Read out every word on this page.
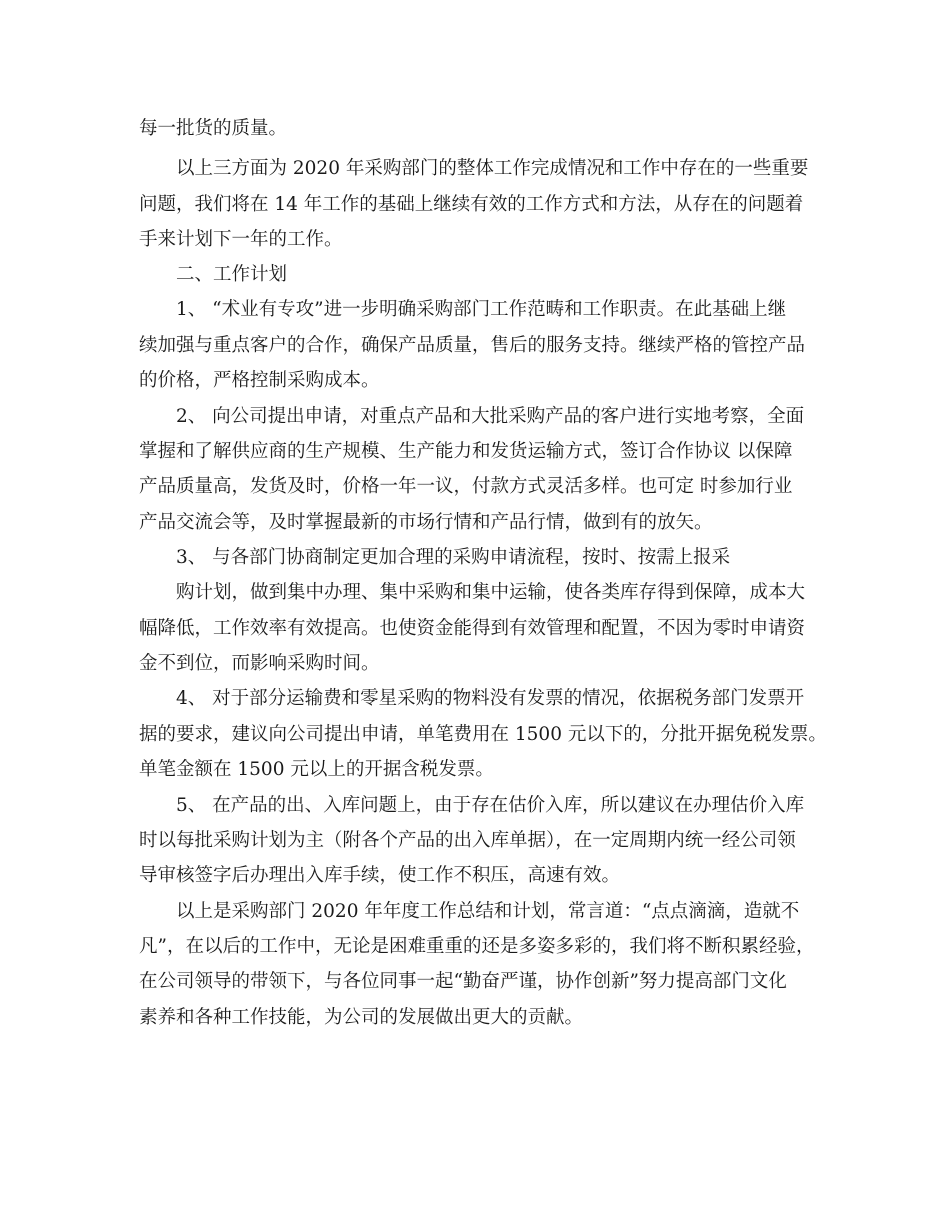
每一批货的质量。
以上三方面为 2020 年采购部门的整体工作完成情况和工作中存在的一些重要
问题，我们将在 14 年工作的基础上继续有效的工作方式和方法，从存在的问题着
手来计划下一年的工作。
二、工作计划
1、 “术业有专攻”进一步明确采购部门工作范畴和工作职责。在此基础上继
续加强与重点客户的合作，确保产品质量，售后的服务支持。继续严格的管控产品
的价格，严格控制采购成本。
2、 向公司提出申请，对重点产品和大批采购产品的客户进行实地考察，全面
掌握和了解供应商的生产规模、生产能力和发货运输方式，签订合作协议 以保障
产品质量高，发货及时，价格一年一议，付款方式灵活多样。也可定 时参加行业
产品交流会等，及时掌握最新的市场行情和产品行情，做到有的放矢。
3、 与各部门协商制定更加合理的采购申请流程，按时、按需上报采
购计划，做到集中办理、集中采购和集中运输，使各类库存得到保障，成本大
幅降低，工作效率有效提高。也使资金能得到有效管理和配置，不因为零时申请资
金不到位，而影响采购时间。
4、 对于部分运输费和零星采购的物料没有发票的情况，依据税务部门发票开
据的要求，建议向公司提出申请，单笔费用在 1500 元以下的，分批开据免税发票。
单笔金额在 1500 元以上的开据含税发票。
5、 在产品的出、入库问题上，由于存在估价入库，所以建议在办理估价入库
时以每批采购计划为主（附各个产品的出入库单据），在一定周期内统一经公司领
导审核签字后办理出入库手续，使工作不积压，高速有效。
以上是采购部门 2020 年年度工作总结和计划，常言道：“点点滴滴，造就不
凡”，在以后的工作中，无论是困难重重的还是多姿多彩的，我们将不断积累经验，
在公司领导的带领下，与各位同事一起“勤奋严谨，协作创新”努力提高部门文化
素养和各种工作技能，为公司的发展做出更大的贡献。
